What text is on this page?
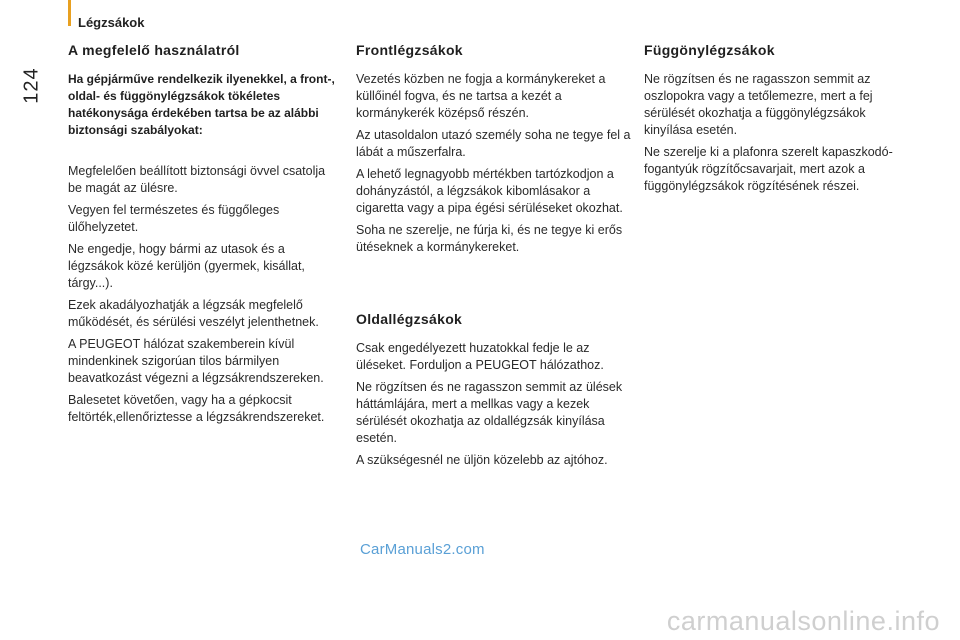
Légzsákok
124
A megfelelő használatról
Ha gépjárműve rendelkezik ilyenekkel, a front-, oldal- és függönylégzsákok tökéletes hatékonysága érdekében tartsa be az alábbi biztonsági szabályokat:
Megfelelően beállított biztonsági övvel csatolja be magát az ülésre.
Vegyen fel természetes és függőleges ülőhelyzetet.
Ne engedje, hogy bármi az utasok és a légzsákok közé kerüljön (gyermek, kisállat, tárgy...).
Ezek akadályozhatják a légzsák megfelelő működését, és sérülési veszélyt jelenthetnek.
A PEUGEOT hálózat szakemberein kívül mindenkinek szigorúan tilos bármilyen beavatkozást végezni a légzsákrendszereken.
Balesetet követően, vagy ha a gépkocsit feltörték,ellenőriztesse a légzsákrendszereket.
Frontlégzsákok
Vezetés közben ne fogja a kormánykereket a küllőinél fogva, és ne tartsa a kezét a kormánykerék középső részén.
Az utasoldalon utazó személy soha ne tegye fel a lábát a műszerfalra.
A lehető legnagyobb mértékben tartózkodjon a dohányzástól, a légzsákok kibomlásakor a cigaretta vagy a pipa égési sérüléseket okozhat.
Soha ne szerelje, ne fúrja ki, és ne tegye ki erős ütéseknek a kormánykereket.
Oldallégzsákok
Csak engedélyezett huzatokkal fedje le az üléseket. Forduljon a PEUGEOT hálózathoz.
Ne rögzítsen és ne ragasszon semmit az ülések háttámlájára, mert a mellkas vagy a kezek sérülését okozhatja az oldallégzsák kinyílása esetén.
A szükségesnél ne üljön közelebb az ajtóhoz.
Függönylégzsákok
Ne rögzítsen és ne ragasszon semmit az oszlopokra vagy a tetőlemezre, mert a fej sérülését okozhatja a függönylégzsákok kinyílása esetén.
Ne szerelje ki a plafonra szerelt kapaszkodó-fogantyúk rögzítőcsavarjait, mert azok a függönylégzsákok rögzítésének részei.
CarManuals2.com
carmanualsonline.info
